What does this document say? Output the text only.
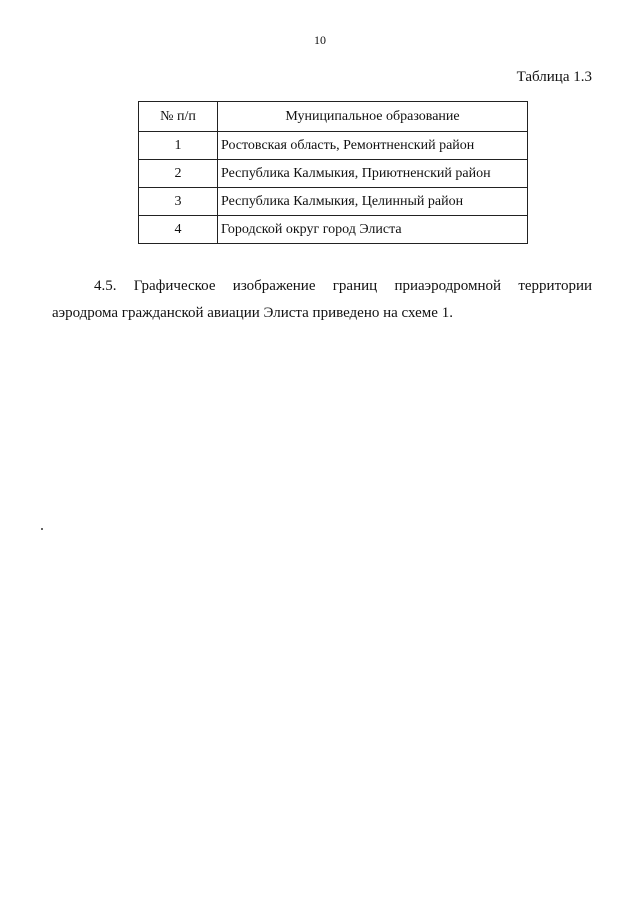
10
Таблица 1.3
№ п/п	Муниципальное образование
1	Ростовская область, Ремонтненский район
2	Республика Калмыкия, Приютненский район
3	Республика Калмыкия, Целинный район
4	Городской округ город Элиста

4.5. Графическое изображение границ приаэродромной территории аэродрома гражданской авиации Элиста приведено на схеме 1.
